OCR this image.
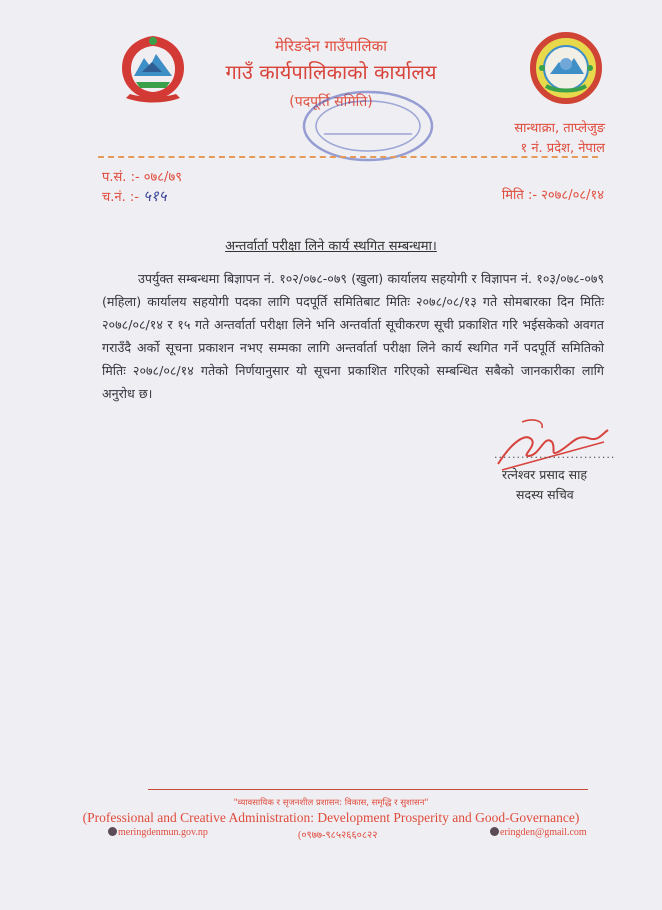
मेरिङदेन गाउँपालिका
गाउँ कार्यपालिकाको कार्यालय
(पदपूर्ति समिति)
सान्थाक्रा, ताप्लेजुङ
१ नं. प्रदेश, नेपाल
प.सं. :- ०७८/७९
च.नं. :- ५१५	मिति :- २०७८/०८/१४
अन्तर्वार्ता परीक्षा लिने कार्य स्थगित सम्बन्धमा।
उपर्युक्त सम्बन्धमा बिज्ञापन नं. १०२/०७८-०७९ (खुला) कार्यालय सहयोगी र विज्ञापन नं. १०३/०७८-०७९ (महिला) कार्यालय सहयोगी पदका लागि पदपूर्ति समितिबाट मितिः २०७८/०८/१३ गते सोमबारका दिन मितिः २०७८/०८/१४ र १५ गते अन्तर्वार्ता परीक्षा लिने भनि अन्तर्वार्ता सूचीकरण सूची प्रकाशित गरि भईसकेको अवगत गराउँदै अर्को सूचना प्रकाशन नभए सम्मका लागि अन्तर्वार्ता परीक्षा लिने कार्य स्थगित गर्ने पदपूर्ति समितिको मितिः २०७८/०८/१४ गतेको निर्णयानुसार यो सूचना प्रकाशित गरिएको सम्बन्धित सबैको जानकारीका लागि अनुरोध छ।
...........................
रत्नेश्वर प्रसाद साह
सदस्य सचिव
"व्यावसायिक र सृजनशील प्रशासन: विकास, समृद्धि र सुशासन"
(Professional and Creative Administration: Development Prosperity and Good-Governance)
meringdenmun.gov.np	(०९७७-९८५२६६०८२२	eringden@gmail.com
